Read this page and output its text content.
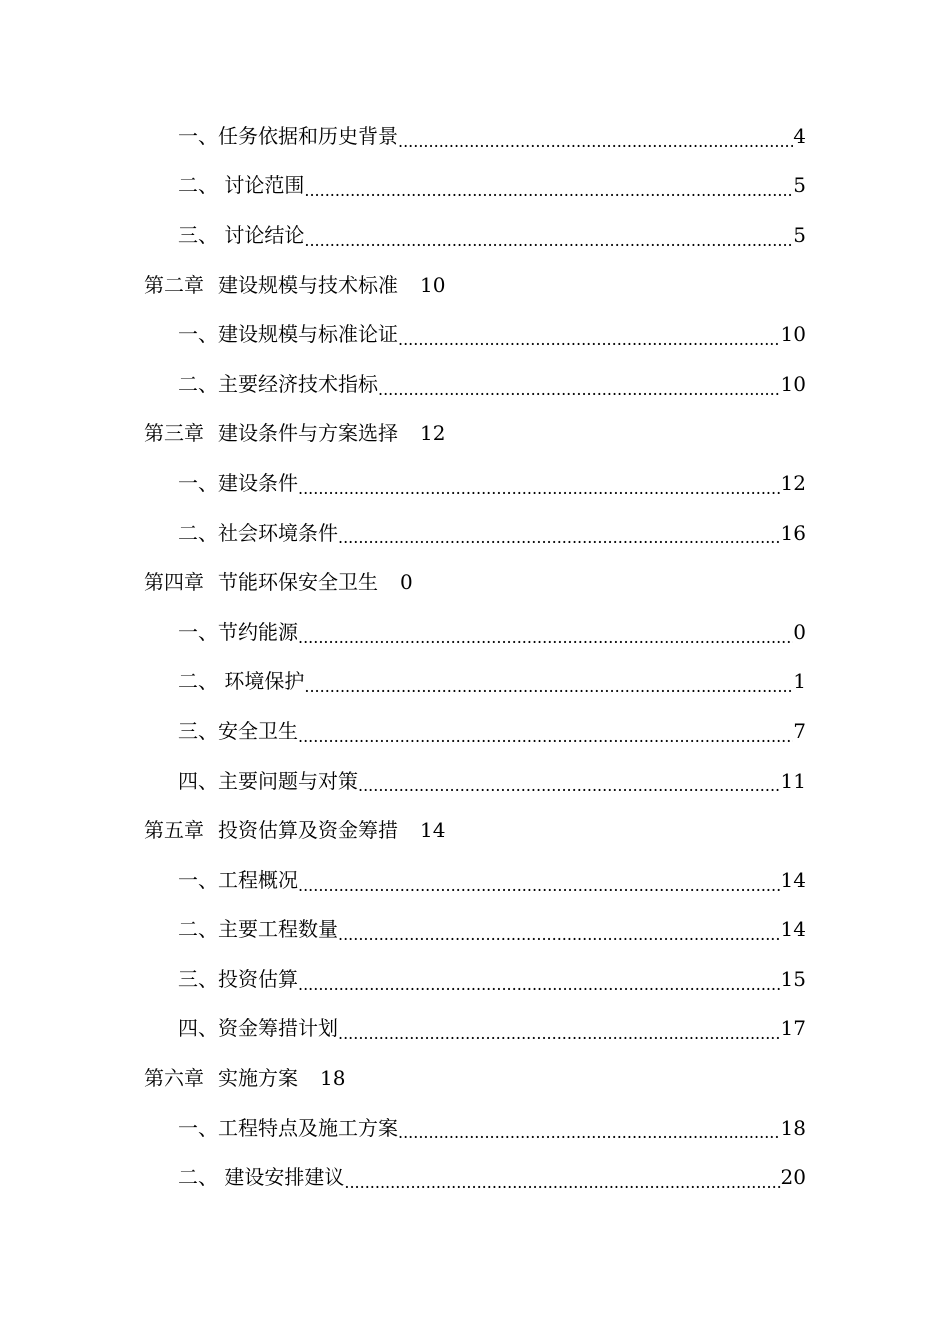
一、任务依据和历史背景 .....	4
二、 讨论范围 .....	5
三、 讨论结论 .....	5
第二章 建设规模与技术标准 10
一、建设规模与标准论证 .....	10
二、主要经济技术指标 .....	10
第三章 建设条件与方案选择 12
一、建设条件 .....	12
二、社会环境条件 .....	16
第四章 节能环保安全卫生 0
一、节约能源 .....	0
二、 环境保护 .....	1
三、安全卫生 .....	7
四、主要问题与对策 .....	11
第五章 投资估算及资金筹措 14
一、工程概况 .....	14
二、主要工程数量 .....	14
三、投资估算 .....	15
四、资金筹措计划 .....	17
第六章 实施方案 18
一、工程特点及施工方案 .....	18
二、 建设安排建议 .....	20
